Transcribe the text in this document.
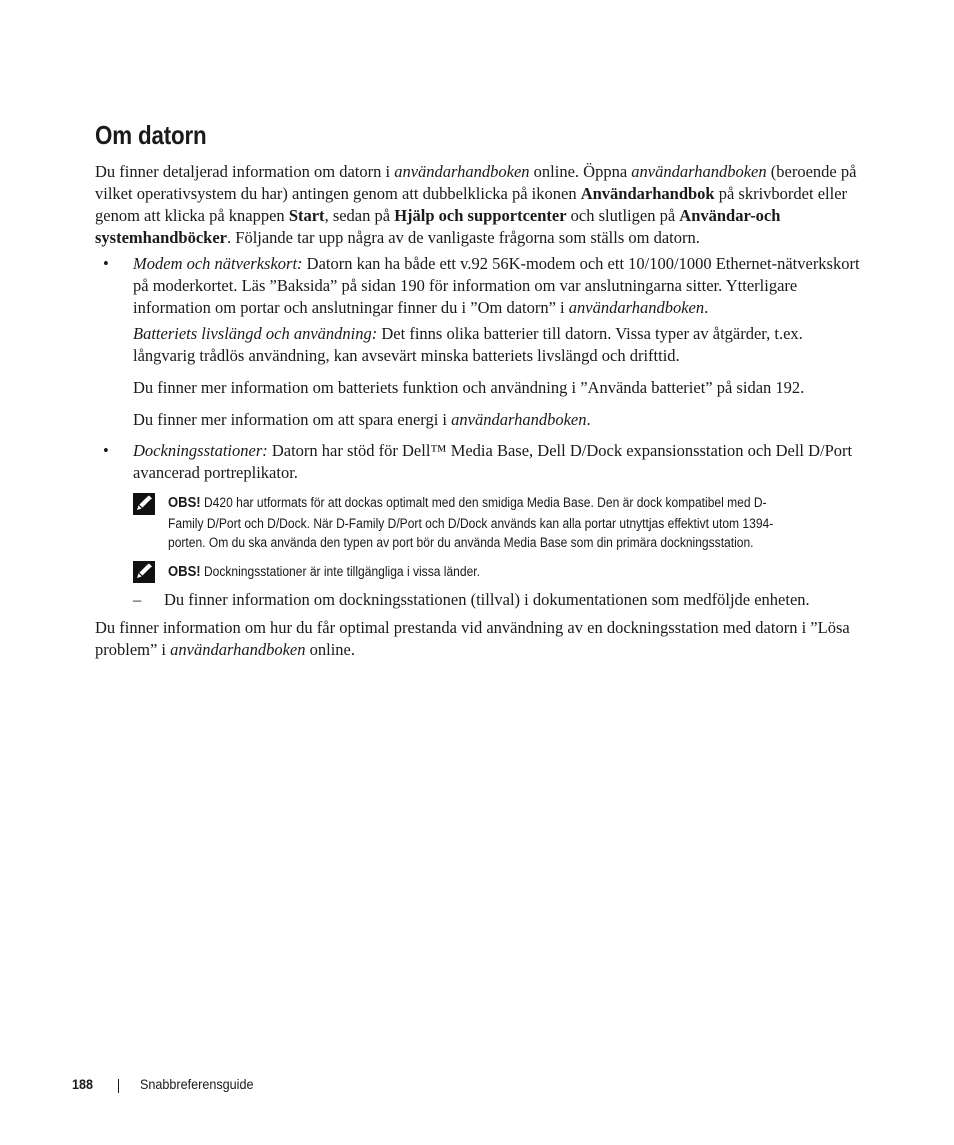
Om datorn

Du finner detaljerad information om datorn i användarhandboken online. Öppna användarhandboken (beroende på vilket operativsystem du har) antingen genom att dubbelklicka på ikonen Användarhandbok på skrivbordet eller genom att klicka på knappen Start, sedan på Hjälp och supportcenter och slutligen på Användar-och systemhandböcker. Följande tar upp några av de vanligaste frågorna som ställs om datorn.

• Modem och nätverkskort: Datorn kan ha både ett v.92 56K-modem och ett 10/100/1000 Ethernet-nätverkskort på moderkortet. Läs ”Baksida” på sidan 190 för information om var anslutningarna sitter. Ytterligare information om portar och anslutningar finner du i ”Om datorn” i användarhandboken.

Batteriets livslängd och användning: Det finns olika batterier till datorn. Vissa typer av åtgärder, t.ex. långvarig trådlös användning, kan avsevärt minska batteriets livslängd och drifttid.

Du finner mer information om batteriets funktion och användning i ”Använda batteriet” på sidan 192.

Du finner mer information om att spara energi i användarhandboken.

• Dockningsstationer: Datorn har stöd för Dell™ Media Base, Dell D/Dock expansionsstation och Dell D/Port avancerad portreplikator.

OBS! D420 har utformats för att dockas optimalt med den smidiga Media Base. Den är dock kompatibel med D-Family D/Port och D/Dock. När D-Family D/Port och D/Dock används kan alla portar utnyttjas effektivt utom 1394-porten. Om du ska använda den typen av port bör du använda Media Base som din primära dockningsstation.

OBS! Dockningsstationer är inte tillgängliga i vissa länder.

– Du finner information om dockningsstationen (tillval) i dokumentationen som medföljde enheten.

Du finner information om hur du får optimal prestanda vid användning av en dockningsstation med datorn i ”Lösa problem” i användarhandboken online.

188	Snabbreferensguide
